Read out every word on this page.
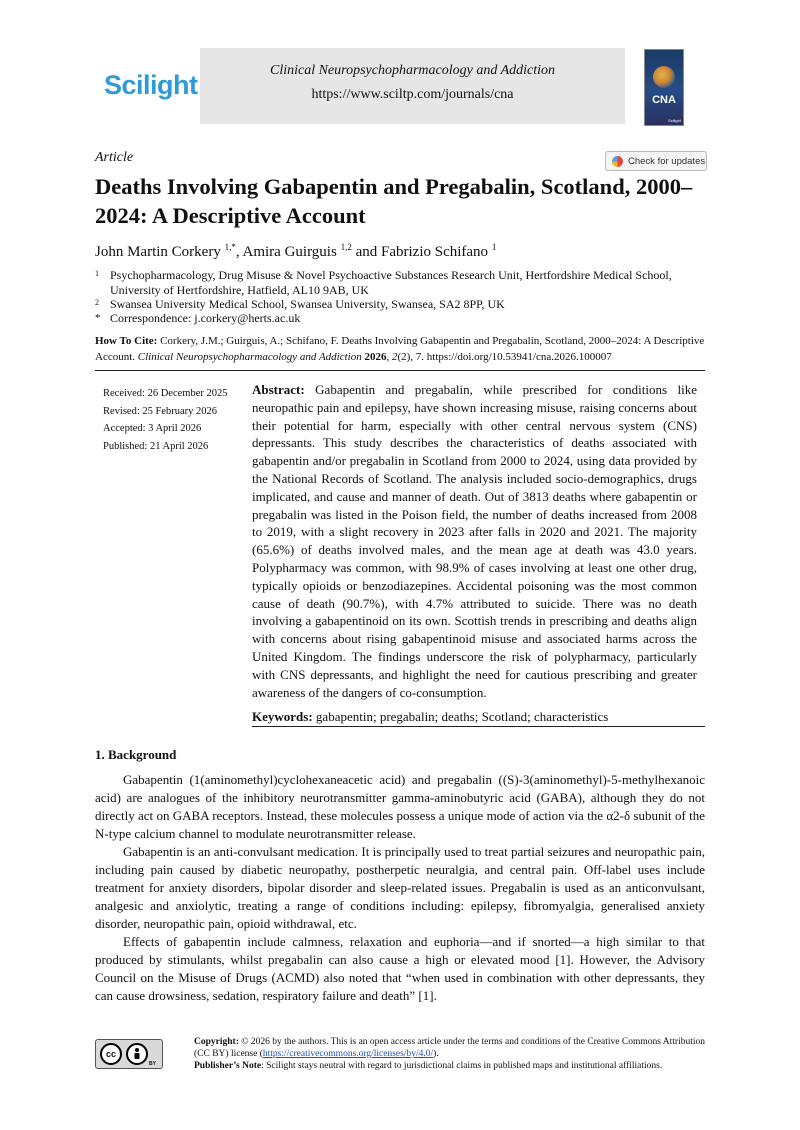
Scilight	Clinical Neuropsychopharmacology and Addiction
https://www.sciltp.com/journals/cna	CNA
Scilight
Article	Check for updates
Deaths Involving Gabapentin and Pregabalin, Scotland, 2000–2024: A Descriptive Account
John Martin Corkery $^{1,*}$, Amira Guirguis $^{1,2}$ and Fabrizio Schifano $^1$
1 Psychopharmacology, Drug Misuse & Novel Psychoactive Substances Research Unit, Hertfordshire Medical School, University of Hertfordshire, Hatfield, AL10 9AB, UK
2 Swansea University Medical School, Swansea University, Swansea, SA2 8PP, UK
* Correspondence: j.corkery@herts.ac.uk
How To Cite: Corkery, J.M.; Guirguis, A.; Schifano, F. Deaths Involving Gabapentin and Pregabalin, Scotland, 2000–2024: A Descriptive Account. Clinical Neuropsychopharmacology and Addiction 2026, 2(2), 7. https://doi.org/10.53941/cna.2026.100007
Received: 26 December 2025
Revised: 25 February 2026
Accepted: 3 April 2026
Published: 21 April 2026
Abstract: Gabapentin and pregabalin, while prescribed for conditions like neuropathic pain and epilepsy, have shown increasing misuse, raising concerns about their potential for harm, especially with other central nervous system (CNS) depressants. This study describes the characteristics of deaths associated with gabapentin and/or pregabalin in Scotland from 2000 to 2024, using data provided by the National Records of Scotland. The analysis included socio-demographics, drugs implicated, and cause and manner of death. Out of 3813 deaths where gabapentin or pregabalin was listed in the Poison field, the number of deaths increased from 2008 to 2019, with a slight recovery in 2023 after falls in 2020 and 2021. The majority (65.6%) of deaths involved males, and the mean age at death was 43.0 years. Polypharmacy was common, with 98.9% of cases involving at least one other drug, typically opioids or benzodiazepines. Accidental poisoning was the most common cause of death (90.7%), with 4.7% attributed to suicide. There was no death involving a gabapentinoid on its own. Scottish trends in prescribing and deaths align with concerns about rising gabapentinoid misuse and associated harms across the United Kingdom. The findings underscore the risk of polypharmacy, particularly with CNS depressants, and highlight the need for cautious prescribing and greater awareness of the dangers of co-consumption.
Keywords: gabapentin; pregabalin; deaths; Scotland; characteristics
1. Background
Gabapentin (1(aminomethyl)cyclohexaneacetic acid) and pregabalin ((S)-3(aminomethyl)-5-methylhexanoic acid) are analogues of the inhibitory neurotransmitter gamma-aminobutyric acid (GABA), although they do not directly act on GABA receptors. Instead, these molecules possess a unique mode of action via the α2-δ subunit of the N-type calcium channel to modulate neurotransmitter release.
Gabapentin is an anti-convulsant medication. It is principally used to treat partial seizures and neuropathic pain, including pain caused by diabetic neuropathy, postherpetic neuralgia, and central pain. Off-label uses include treatment for anxiety disorders, bipolar disorder and sleep-related issues. Pregabalin is used as an anticonvulsant, analgesic and anxiolytic, treating a range of conditions including: epilepsy, fibromyalgia, generalised anxiety disorder, neuropathic pain, opioid withdrawal, etc.
Effects of gabapentin include calmness, relaxation and euphoria—and if snorted—a high similar to that produced by stimulants, whilst pregabalin can also cause a high or elevated mood [1]. However, the Advisory Council on the Misuse of Drugs (ACMD) also noted that “when used in combination with other depressants, they can cause drowsiness, sedation, respiratory failure and death” [1].
cc
BY
Copyright: © 2026 by the authors. This is an open access article under the terms and conditions of the Creative Commons Attribution (CC BY) license (https://creativecommons.org/licenses/by/4.0/).
Publisher’s Note: Scilight stays neutral with regard to jurisdictional claims in published maps and institutional affiliations.
